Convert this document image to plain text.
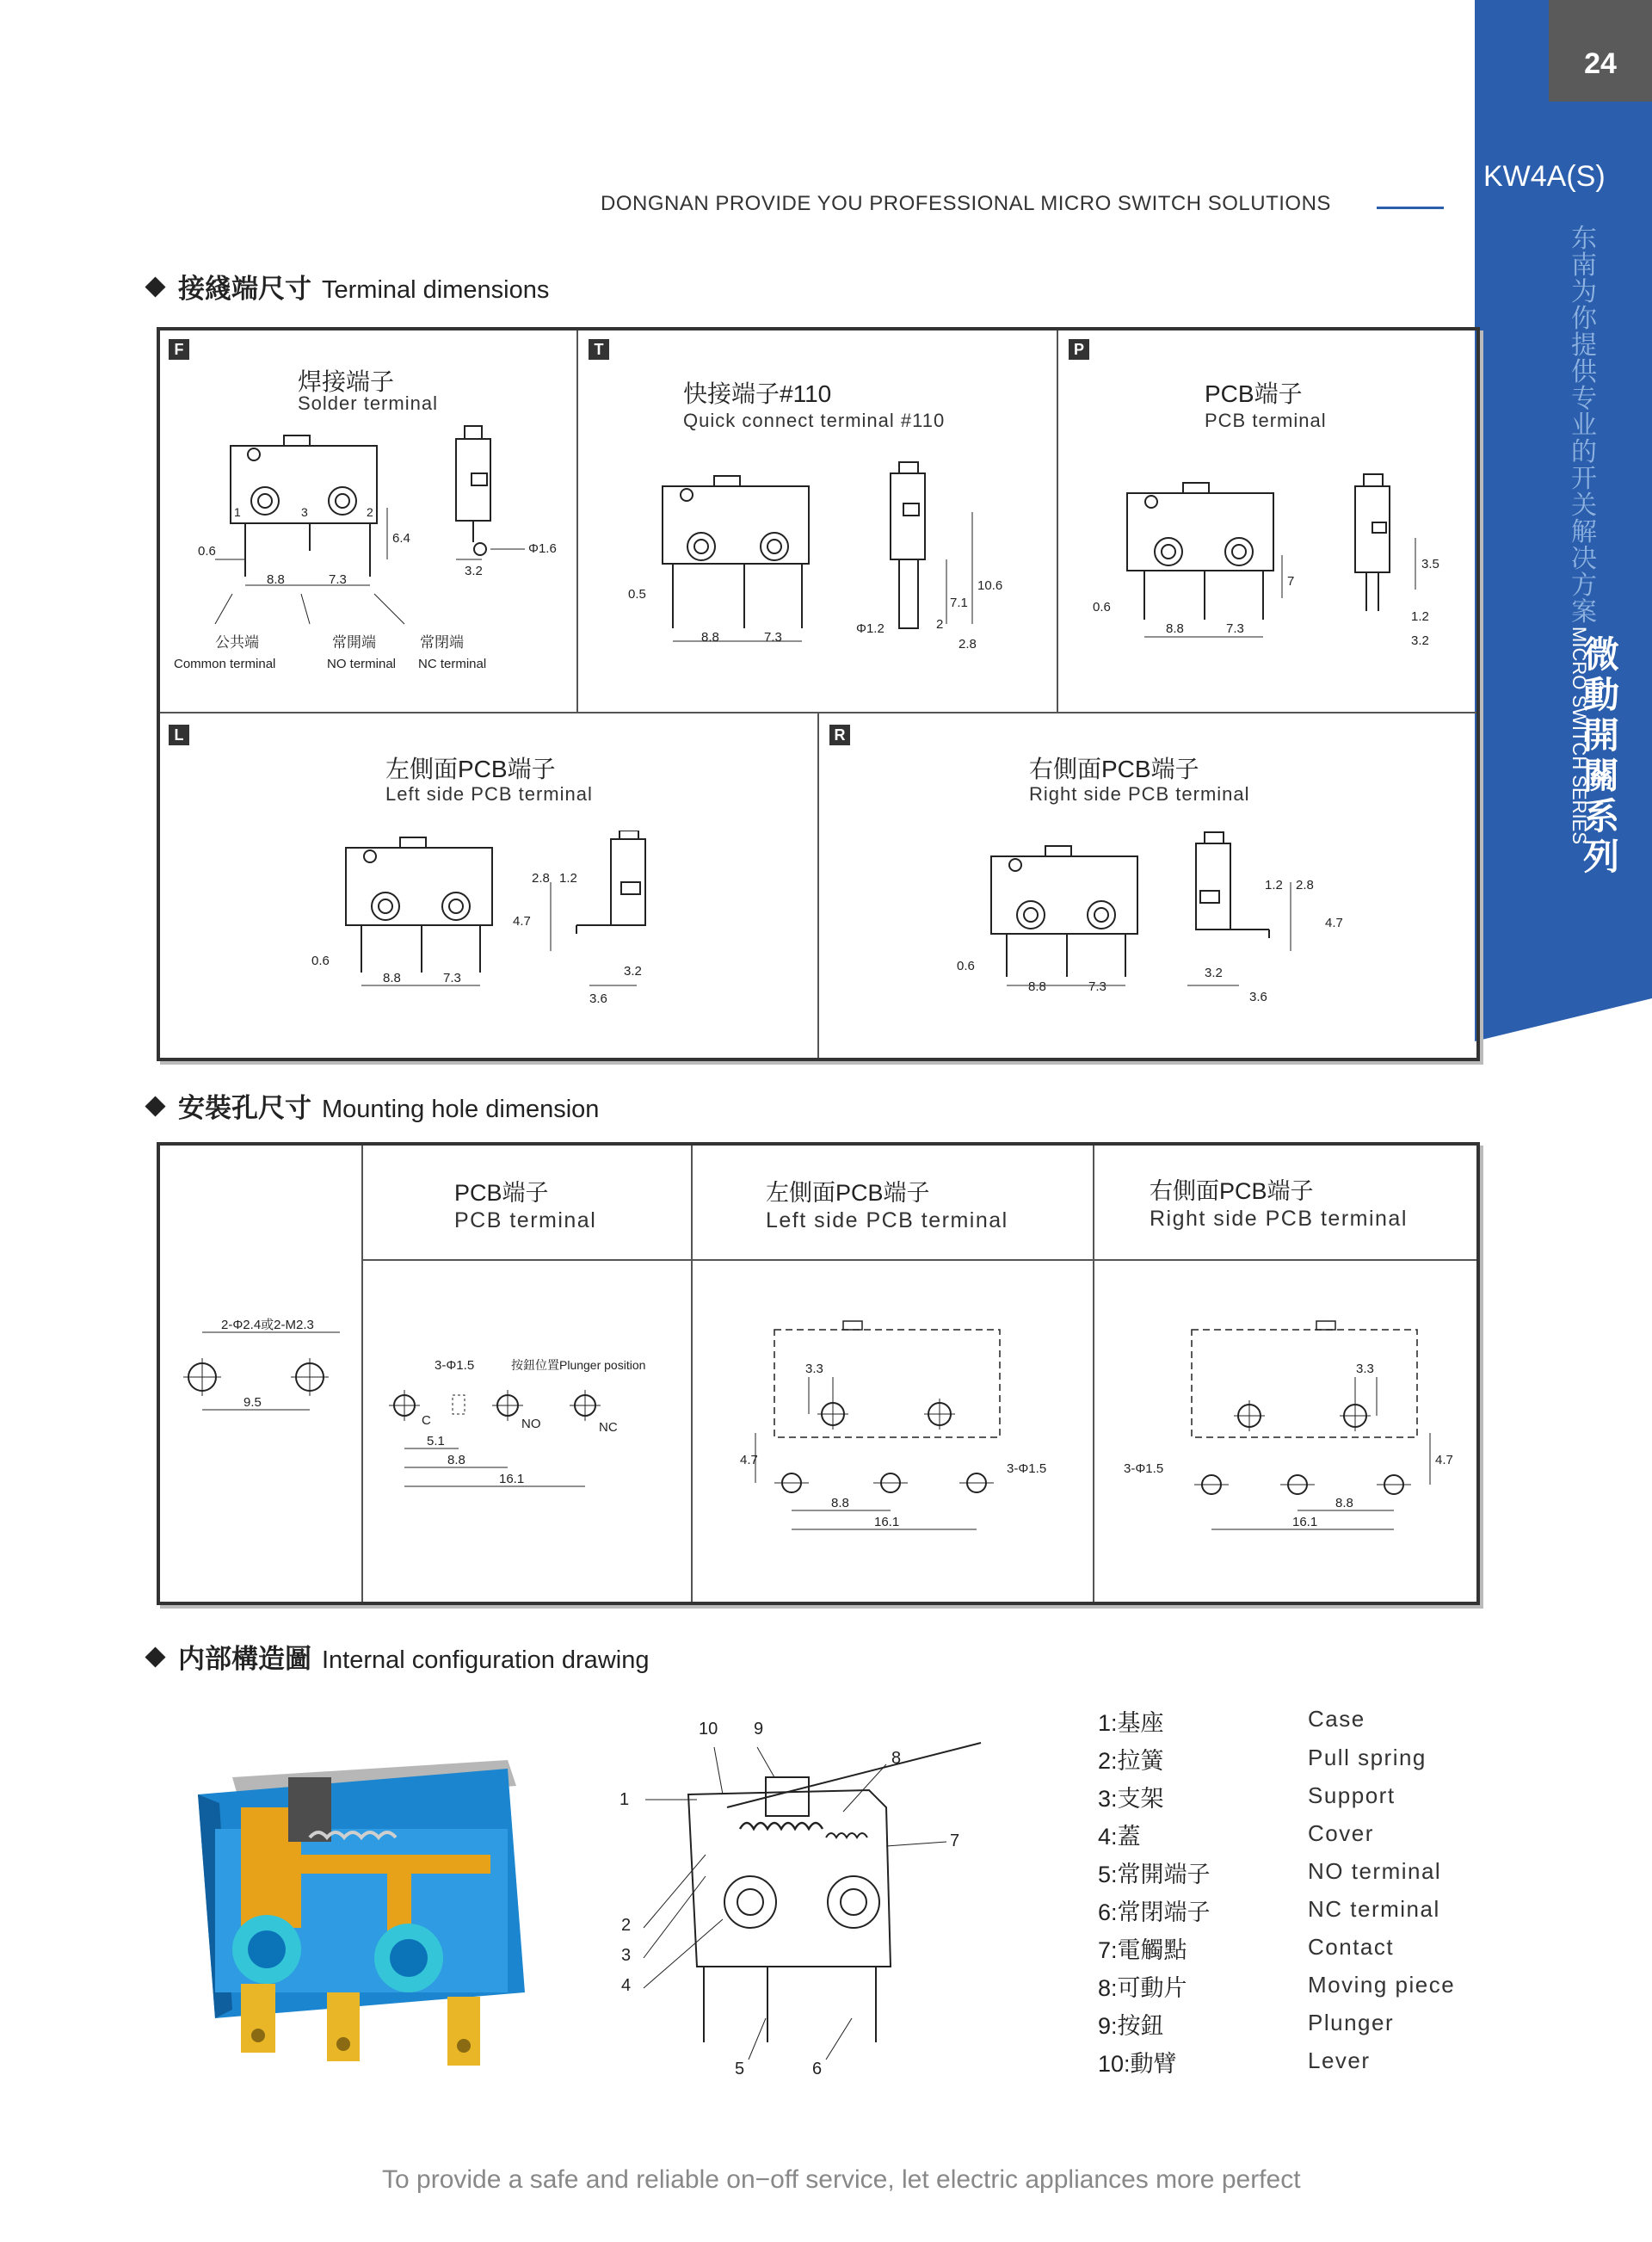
24
KW4A(S)
东南为你提供专业的开关解决方案
微動開關系列
MICRO SWITCH SERIES
DONGNAN PROVIDE YOU PROFESSIONAL MICRO SWITCH SOLUTIONS
接綫端尺寸 Terminal dimensions
F
焊接端子
Solder terminal
1	3	2
0.6
8.8	7.3
6.4
3.2
Φ1.6
公共端
Common terminal
常開端
NO terminal
常閉端
NC terminal
T
快接端子#110
Quick connect terminal #110
0.5
8.8	7.3
Φ1.2	2
7.1
10.6
2.8
P
PCB端子
PCB terminal
0.6
8.8	7.3
7
3.5
1.2
3.2
L
左側面PCB端子
Left side PCB terminal
0.6
8.8	7.3
2.8 1.2
4.7
3.2
3.6
R
右側面PCB端子
Right side PCB terminal
0.6
8.8	7.3
1.2 2.8
4.7
3.2
3.6
安裝孔尺寸 Mounting hole dimension
PCB端子
PCB terminal
左側面PCB端子
Left side PCB terminal
右側面PCB端子
Right side PCB terminal
2-Φ2.4或2-M2.3
9.5
3-Φ1.5	按鈕位置Plunger position
C	NO	NC
5.1
8.8
16.1
3.3
3-Φ1.5
4.7
8.8
16.1
3.3
3-Φ1.5
4.7
8.8
16.1
内部構造圖 Internal configuration drawing
1
2
3
4
5	6
7
8
9
10	1:基座	Case
2:拉簧	Pull spring
3:支架	Support
4:蓋	Cover
5:常開端子	NO terminal
6:常閉端子	NC terminal
7:電觸點	Contact
8:可動片	Moving piece
9:按鈕	Plunger
10:動臂	Lever
To provide a safe and reliable on−off service, let electric appliances more perfect
